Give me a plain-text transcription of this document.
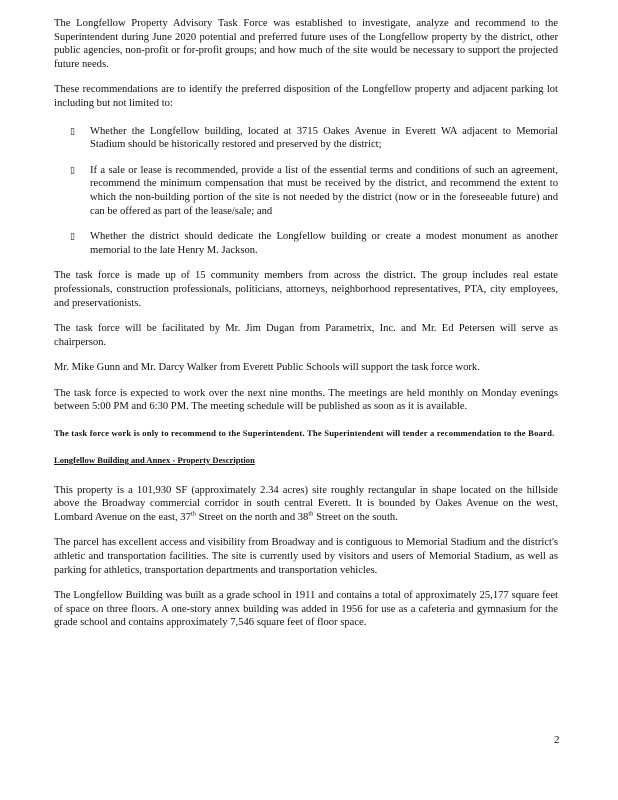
The Longfellow Property Advisory Task Force was established to investigate, analyze and recommend to the Superintendent during June 2020 potential and preferred future uses of the Longfellow property by the district, other public agencies, non-profit or for-profit groups; and how much of the site would be necessary to support the projected future needs.

These recommendations are to identify the preferred disposition of the Longfellow property and adjacent parking lot including but not limited to:

▯ Whether the Longfellow building, located at 3715 Oakes Avenue in Everett WA adjacent to Memorial Stadium should be historically restored and preserved by the district;
▯ If a sale or lease is recommended, provide a list of the essential terms and conditions of such an agreement, recommend the minimum compensation that must be received by the district, and recommend the extent to which the non-building portion of the site is not needed by the district (now or in the foreseeable future) and can be offered as part of the lease/sale; and
▯ Whether the district should dedicate the Longfellow building or create a modest monument as another memorial to the late Henry M. Jackson.

The task force is made up of 15 community members from across the district. The group includes real estate professionals, construction professionals, politicians, attorneys, neighborhood representatives, PTA, city employees, and preservationists.

The task force will be facilitated by Mr. Jim Dugan from Parametrix, Inc. and Mr. Ed Petersen will serve as chairperson.

Mr. Mike Gunn and Mr. Darcy Walker from Everett Public Schools will support the task force work.

The task force is expected to work over the next nine months. The meetings are held monthly on Monday evenings between 5:00 PM and 6:30 PM. The meeting schedule will be published as soon as it is available.

The task force work is only to recommend to the Superintendent. The Superintendent will tender a recommendation to the Board.

Longfellow Building and Annex - Property Description

This property is a 101,930 SF (approximately 2.34 acres) site roughly rectangular in shape located on the hillside above the Broadway commercial corridor in south central Everett. It is bounded by Oakes Avenue on the west, Lombard Avenue on the east, 37th Street on the north and 38th Street on the south.

The parcel has excellent access and visibility from Broadway and is contiguous to Memorial Stadium and the district's athletic and transportation facilities. The site is currently used by visitors and users of Memorial Stadium, as well as parking for athletics, transportation departments and transportation vehicles.

The Longfellow Building was built as a grade school in 1911 and contains a total of approximately 25,177 square feet of space on three floors. A one-story annex building was added in 1956 for use as a cafeteria and gymnasium for the grade school and contains approximately 7,546 square feet of floor space.

2
